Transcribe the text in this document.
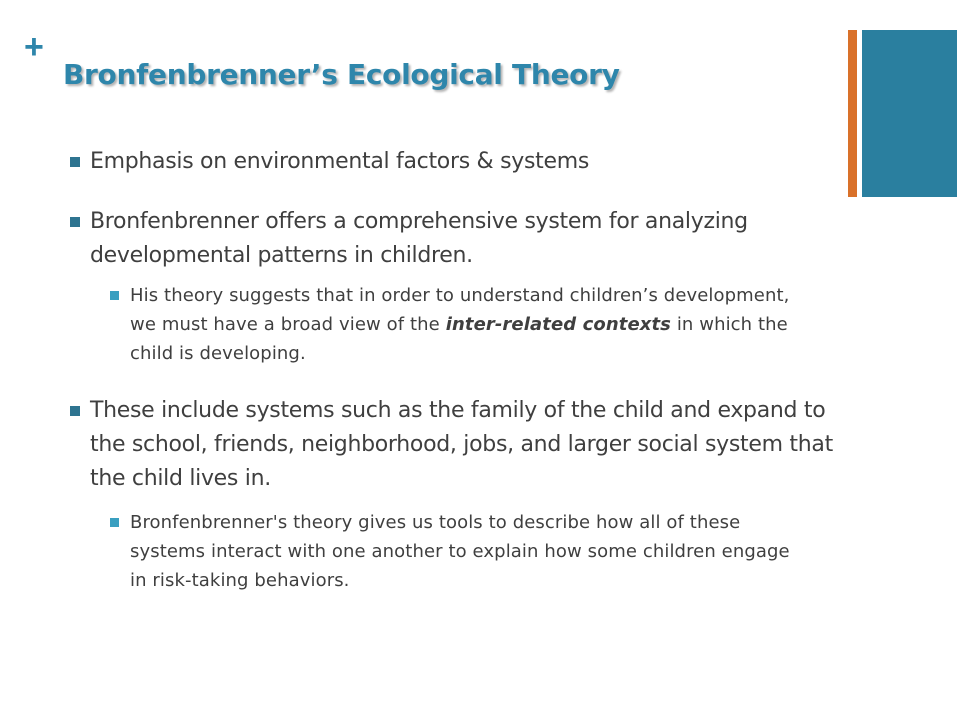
+
Bronfenbrenner’s Ecological Theory
Emphasis on environmental factors & systems
Bronfenbrenner offers a comprehensive system for analyzing developmental patterns in children.
His theory suggests that in order to understand children’s development, we must have a broad view of the inter-related contexts in which the child is developing.
These include systems such as the family of the child and expand to the school, friends, neighborhood, jobs, and larger social system that the child lives in.
Bronfenbrenner's theory gives us tools to describe how all of these systems interact with one another to explain how some children engage in risk-taking behaviors.
